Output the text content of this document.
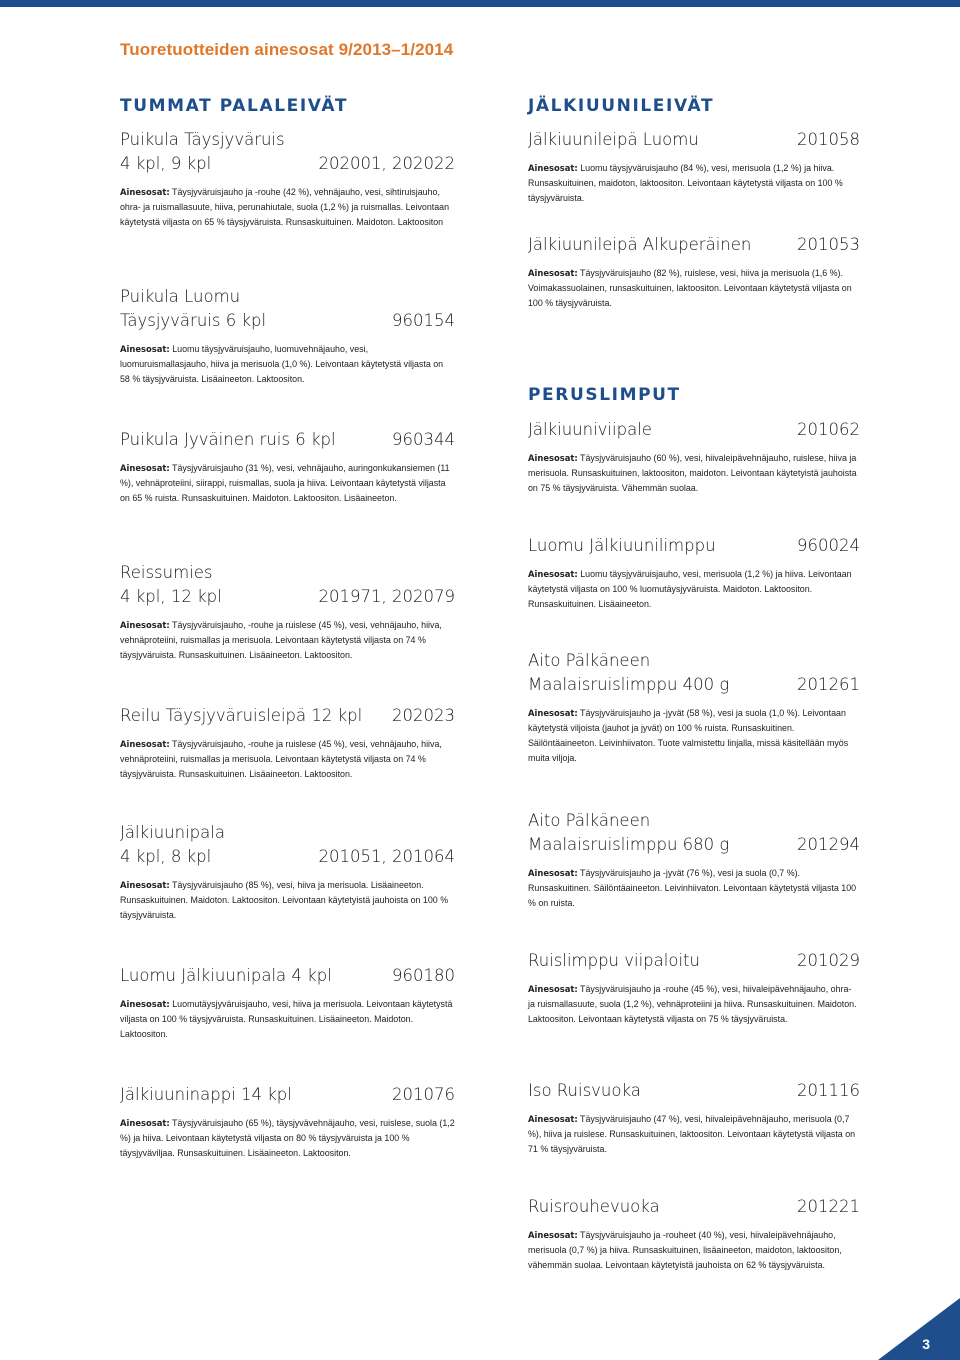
Tuoretuotteiden ainesosat 9/2013–1/2014
TUMMAT PALALEIVÄT
Puikula Täysjyväruis
4 kpl, 9 kpl	202001, 202022
Ainesosat: Täysjyväruisjauho ja -rouhe (42 %), vehnäjauho, vesi, sihtiruisjauho, ohra- ja ruismallasuute, hiiva, perunahiutale, suola (1,2 %) ja ruismallas. Leivontaan käytetystä viljasta on 65 % täysjyväruista. Runsaskuituinen. Maidoton. Laktoositon
Puikula Luomu
Täysjyväruis 6 kpl	960154
Ainesosat: Luomu täysjyväruisjauho, luomuvehnäjauho, vesi, luomuruismallasjauho, hiiva ja merisuola (1,0 %). Leivontaan käytetystä viljasta on 58 % täysjyväruista. Lisäaineeton. Laktoositon.
Puikula Jyväinen ruis 6 kpl	960344
Ainesosat: Täysjyväruisjauho (31 %), vesi, vehnäjauho, auringonkukansiemen (11 %), vehnäproteiini, siirappi, ruismallas, suola ja hiiva. Leivontaan käytetystä viljasta on 65 % ruista. Runsaskuituinen. Maidoton. Laktoositon. Lisäaineeton.
Reissumies
4 kpl, 12 kpl	201971, 202079
Ainesosat: Täysjyväruisjauho, -rouhe ja ruislese (45 %), vesi, vehnäjauho, hiiva, vehnäproteiini, ruismallas ja merisuola. Leivontaan käytetystä viljasta on 74 % täysjyväruista. Runsaskuituinen. Lisäaineeton. Laktoositon.
Reilu Täysjyväruisleipä 12 kpl 202023
Ainesosat: Täysjyväruisjauho, -rouhe ja ruislese (45 %), vesi, vehnäjauho, hiiva, vehnäproteiini, ruismallas ja merisuola. Leivontaan käytetystä viljasta on 74 % täysjyväruista. Runsaskuituinen. Lisäaineeton. Laktoositon.
Jälkiuunipala
4 kpl, 8 kpl	201051, 201064
Ainesosat: Täysjyväruisjauho (85 %), vesi, hiiva ja merisuola. Lisäaineeton. Runsaskuituinen. Maidoton. Laktoositon. Leivontaan käytetyistä jauhoista on 100 % täysjyväruista.
Luomu Jälkiuunipala 4 kpl	960180
Ainesosat: Luomutäysjyväruisjauho, vesi, hiiva ja merisuola. Leivontaan käytetystä viljasta on 100 % täysjyväruista. Runsaskuituinen. Lisäaineeton. Maidoton. Laktoositon.
Jälkiuuninappi 14 kpl	201076
Ainesosat: Täysjyväruisjauho (65 %), täysjyvävehnäjauho, vesi, ruislese, suola (1,2 %) ja hiiva. Leivontaan käytetystä viljasta on 80 % täysjyväruista ja 100 % täysjyväviljaa. Runsaskuituinen. Lisäaineeton. Laktoositon.
JÄLKIUUNILEIVÄT
Jälkiuunileipä Luomu	201058
Ainesosat: Luomu täysjyväruisjauho (84 %), vesi, merisuola (1,2 %) ja hiiva. Runsaskuituinen, maidoton, laktoositon. Leivontaan käytetystä viljasta on 100 % täysjyväruista.
Jälkiuunileipä Alkuperäinen	201053
Ainesosat: Täysjyväruisjauho (82 %), ruislese, vesi, hiiva ja merisuola (1,6 %). Voimakassuolainen, runsaskuituinen, laktoositon. Leivontaan käytetystä viljasta on 100 % täysjyväruista.
PERUSLIMPUT
Jälkiuuniviipale	201062
Ainesosat: Täysjyväruisjauho (60 %), vesi, hiivaleipävehnäjauho, ruislese, hiiva ja merisuola. Runsaskuituinen, laktoositon, maidoton. Leivontaan käytetyistä jauhoista on 75 % täysjyväruista. Vähemmän suolaa.
Luomu Jälkiuunilimppu	960024
Ainesosat: Luomu täysjyväruisjauho, vesi, merisuola (1,2 %) ja hiiva. Leivontaan käytetystä viljasta on 100 % luomutäysjyväruista. Maidoton. Laktoositon. Runsaskuituinen. Lisäaineeton.
Aito Pälkäneen
Maalaisruislimppu 400 g	201261
Ainesosat: Täysjyväruisjauho ja -jyvät (58 %), vesi ja suola (1,0 %). Leivontaan käytetystä viljoista (jauhot ja jyvät) on 100 % ruista. Runsaskuitinen. Säilöntäaineeton. Leivinhiivaton. Tuote valmistettu linjalla, missä käsitellään myös muita viljoja.
Aito Pälkäneen
Maalaisruislimppu 680 g	201294
Ainesosat: Täysjyväruisjauho ja -jyvät (76 %), vesi ja suola (0,7 %). Runsaskuitinen. Säilöntäaineeton. Leivinhiivaton. Leivontaan käytetystä viljasta 100 % on ruista.
Ruislimppu viipaloitu	201029
Ainesosat: Täysjyväruisjauho ja -rouhe (45 %), vesi, hiivaleipävehnäjauho, ohra- ja ruismallasuute, suola (1,2 %), vehnäproteiini ja hiiva. Runsaskuituinen. Maidoton. Laktoositon. Leivontaan käytetystä viljasta on 75 % täysjyväruista.
Iso Ruisvuoka	201116
Ainesosat: Täysjyväruisjauho (47 %), vesi, hiivaleipävehnäjauho, merisuola (0,7 %), hiiva ja ruislese. Runsaskuituinen, laktoositon. Leivontaan käytetystä viljasta on 71 % täysjyväruista.
Ruisrouhevuoka	201221
Ainesosat: Täysjyväruisjauho ja -rouheet (40 %), vesi, hiivaleipävehnäjauho, merisuola (0,7 %) ja hiiva. Runsaskuituinen, lisäaineeton, maidoton, laktoositon, vähemmän suolaa. Leivontaan käytetyistä jauhoista on 62 % täysjyväruista.
3
